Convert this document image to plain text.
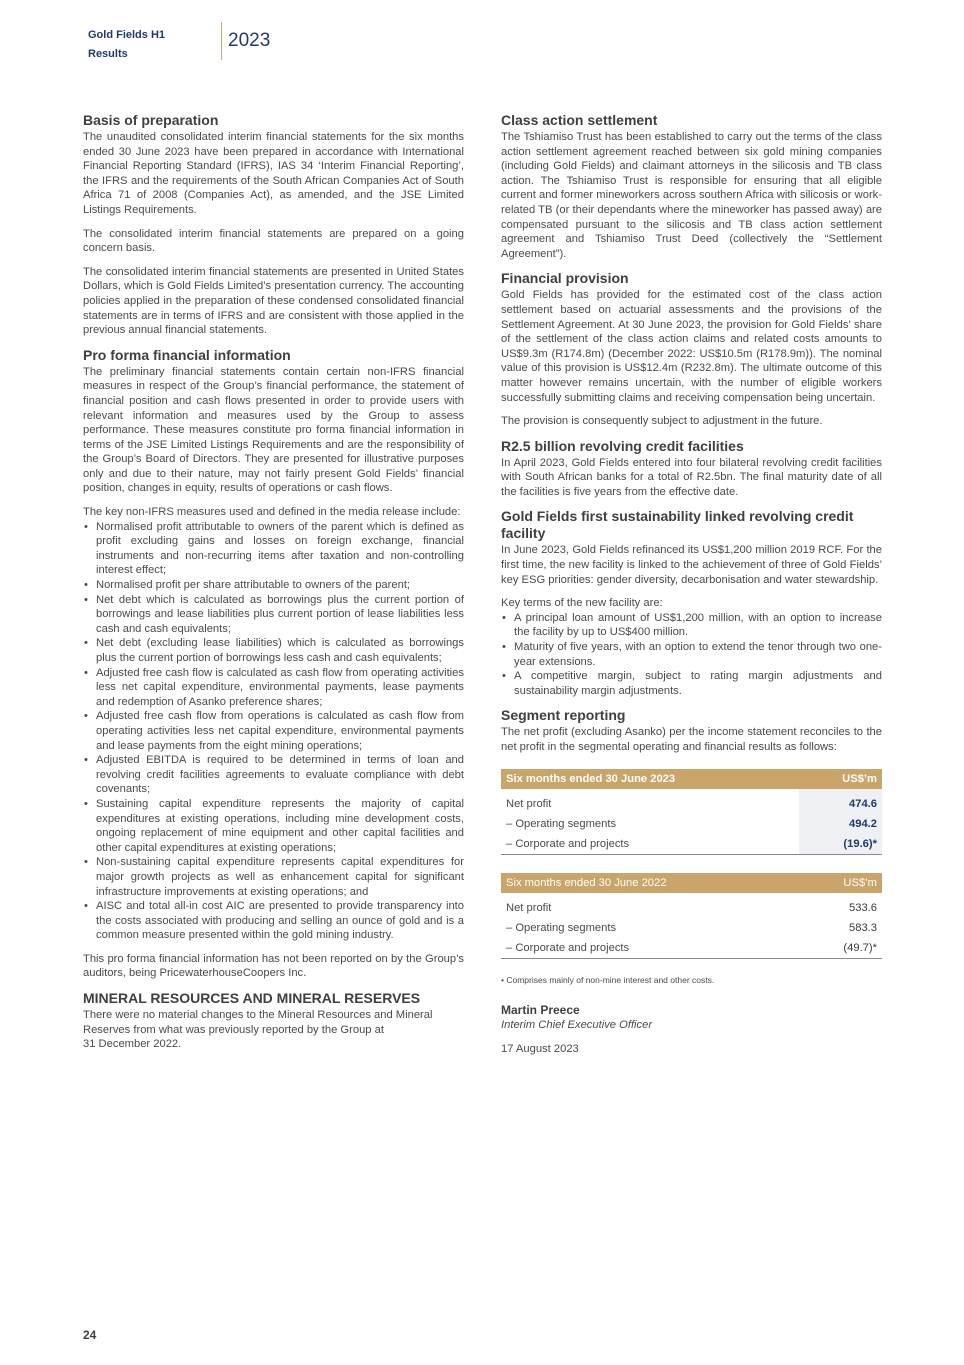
Gold Fields H1
Results
2023
Basis of preparation

The unaudited consolidated interim financial statements for the six months ended 30 June 2023 have been prepared in accordance with International Financial Reporting Standard (IFRS), IAS 34 ‘Interim Financial Reporting’, the IFRS and the requirements of the South African Companies Act of South Africa 71 of 2008 (Companies Act), as amended, and the JSE Limited Listings Requirements.

The consolidated interim financial statements are prepared on a going concern basis.

The consolidated interim financial statements are presented in United States Dollars, which is Gold Fields Limited’s presentation currency. The accounting policies applied in the preparation of these condensed consolidated financial statements are in terms of IFRS and are consistent with those applied in the previous annual financial statements.

Pro forma financial information

The preliminary financial statements contain certain non-IFRS financial measures in respect of the Group’s financial performance, the statement of financial position and cash flows presented in order to provide users with relevant information and measures used by the Group to assess performance. These measures constitute pro forma financial information in terms of the JSE Limited Listings Requirements and are the responsibility of the Group’s Board of Directors. They are presented for illustrative purposes only and due to their nature, may not fairly present Gold Fields’ financial position, changes in equity, results of operations or cash flows.

The key non-IFRS measures used and defined in the media release include:

• Normalised profit attributable to owners of the parent which is defined as profit excluding gains and losses on foreign exchange, financial instruments and non-recurring items after taxation and non-controlling interest effect;
• Normalised profit per share attributable to owners of the parent;
• Net debt which is calculated as borrowings plus the current portion of borrowings and lease liabilities plus current portion of lease liabilities less cash and cash equivalents;
• Net debt (excluding lease liabilities) which is calculated as borrowings plus the current portion of borrowings less cash and cash equivalents;
• Adjusted free cash flow is calculated as cash flow from operating activities less net capital expenditure, environmental payments, lease payments and redemption of Asanko preference shares;
• Adjusted free cash flow from operations is calculated as cash flow from operating activities less net capital expenditure, environmental payments and lease payments from the eight mining operations;
• Adjusted EBITDA is required to be determined in terms of loan and revolving credit facilities agreements to evaluate compliance with debt covenants;
• Sustaining capital expenditure represents the majority of capital expenditures at existing operations, including mine development costs, ongoing replacement of mine equipment and other capital facilities and other capital expenditures at existing operations;
• Non-sustaining capital expenditure represents capital expenditures for major growth projects as well as enhancement capital for significant infrastructure improvements at existing operations; and
• AISC and total all-in cost AIC are presented to provide transparency into the costs associated with producing and selling an ounce of gold and is a common measure presented within the gold mining industry.

This pro forma financial information has not been reported on by the Group’s auditors, being PricewaterhouseCoopers Inc.

MINERAL RESOURCES AND MINERAL RESERVES

There were no material changes to the Mineral Resources and Mineral Reserves from what was previously reported by the Group at
31 December 2022.

Class action settlement

The Tshiamiso Trust has been established to carry out the terms of the class action settlement agreement reached between six gold mining companies (including Gold Fields) and claimant attorneys in the silicosis and TB class action. The Tshiamiso Trust is responsible for ensuring that all eligible current and former mineworkers across southern Africa with silicosis or work-related TB (or their dependants where the mineworker has passed away) are compensated pursuant to the silicosis and TB class action settlement agreement and Tshiamiso Trust Deed (collectively the “Settlement Agreement”).

Financial provision

Gold Fields has provided for the estimated cost of the class action settlement based on actuarial assessments and the provisions of the Settlement Agreement. At 30 June 2023, the provision for Gold Fields’ share of the settlement of the class action claims and related costs amounts to US$9.3m (R174.8m) (December 2022: US$10.5m (R178.9m)). The nominal value of this provision is US$12.4m (R232.8m). The ultimate outcome of this matter however remains uncertain, with the number of eligible workers successfully submitting claims and receiving compensation being uncertain.

The provision is consequently subject to adjustment in the future.

R2.5 billion revolving credit facilities

In April 2023, Gold Fields entered into four bilateral revolving credit facilities with South African banks for a total of R2.5bn. The final maturity date of all the facilities is five years from the effective date.

Gold Fields first sustainability linked revolving credit facility

In June 2023, Gold Fields refinanced its US$1,200 million 2019 RCF. For the first time, the new facility is linked to the achievement of three of Gold Fields’ key ESG priorities: gender diversity, decarbonisation and water stewardship.

Key terms of the new facility are:

• A principal loan amount of US$1,200 million, with an option to increase the facility by up to US$400 million.
• Maturity of five years, with an option to extend the tenor through two one-year extensions.
• A competitive margin, subject to rating margin adjustments and sustainability margin adjustments.
Segment reporting

The net profit (excluding Asanko) per the income statement reconciles to the net profit in the segmental operating and financial results as follows:

Six months ended 30 June 2023	US$’m
Net profit	474.6
– Operating segments	494.2
– Corporate and projects	(19.6)*
Six months ended 30 June 2022	US$’m
Net profit	533.6
– Operating segments	583.3
– Corporate and projects	(49.7)*
• Comprises mainly of non-mine interest and other costs.
Martin Preece
Interim Chief Executive Officer
17 August 2023
24
